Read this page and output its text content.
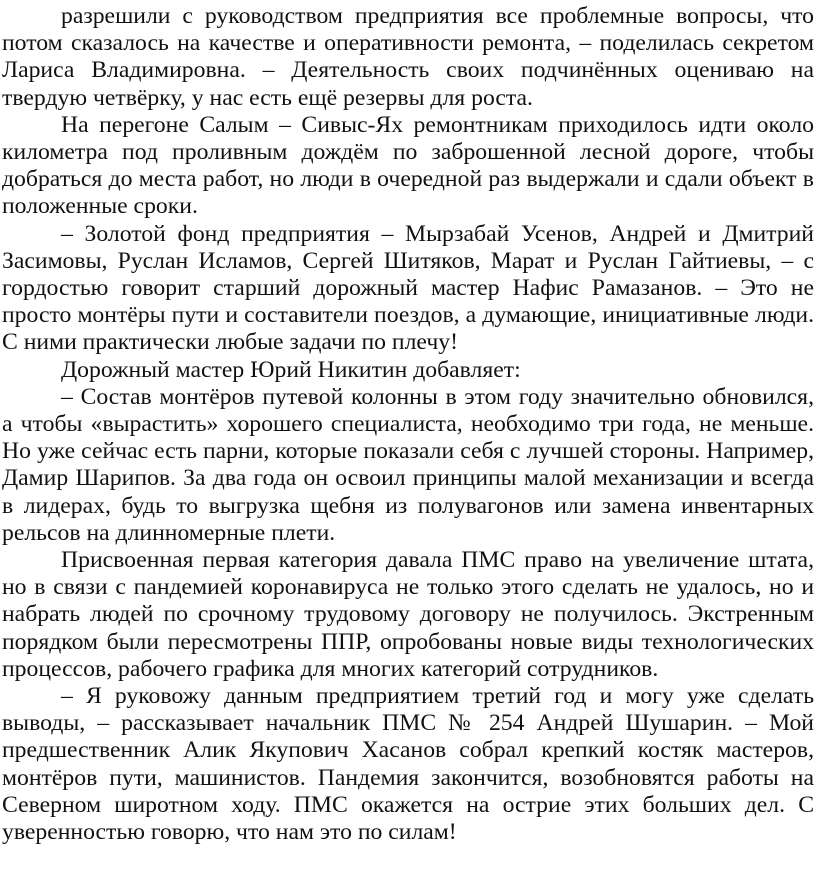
разрешили с руководством предприятия все проблемные вопросы, что потом сказалось на качестве и оперативности ремонта, – поделилась секретом Лариса Владимировна. – Деятельность своих подчинённых оцениваю на твердую четвёрку, у нас есть ещё резервы для роста.

На перегоне Салым – Сивыс-Ях ремонтникам приходилось идти около километра под проливным дождём по заброшенной лесной дороге, чтобы добраться до места работ, но люди в очередной раз выдержали и сдали объект в положенные сроки.

– Золотой фонд предприятия – Мырзабай Усенов, Андрей и Дмитрий Засимовы, Руслан Исламов, Сергей Шитяков, Марат и Руслан Гайтиевы, – с гордостью говорит старший дорожный мастер Нафис Рамазанов. – Это не просто монтёры пути и составители поездов, а думающие, инициативные люди. С ними практически любые задачи по плечу!

Дорожный мастер Юрий Никитин добавляет:

– Состав монтёров путевой колонны в этом году значительно обновился, а чтобы «вырастить» хорошего специалиста, необходимо три года, не меньше. Но уже сейчас есть парни, которые показали себя с лучшей стороны. Например, Дамир Шарипов. За два года он освоил принципы малой механизации и всегда в лидерах, будь то выгрузка щебня из полувагонов или замена инвентарных рельсов на длинномерные плети.

Присвоенная первая категория давала ПМС право на увеличение штата, но в связи с пандемией коронавируса не только этого сделать не удалось, но и набрать людей по срочному трудовому договору не получилось. Экстренным порядком были пересмотрены ППР, опробованы новые виды технологических процессов, рабочего графика для многих категорий сотрудников.

– Я руковожу данным предприятием третий год и могу уже сделать выводы, – рассказывает начальник ПМС № 254 Андрей Шушарин. – Мой предшественник Алик Якупович Хасанов собрал крепкий костяк мастеров, монтёров пути, машинистов. Пандемия закончится, возобновятся работы на Северном широтном ходу. ПМС окажется на острие этих больших дел. С уверенностью говорю, что нам это по силам!
